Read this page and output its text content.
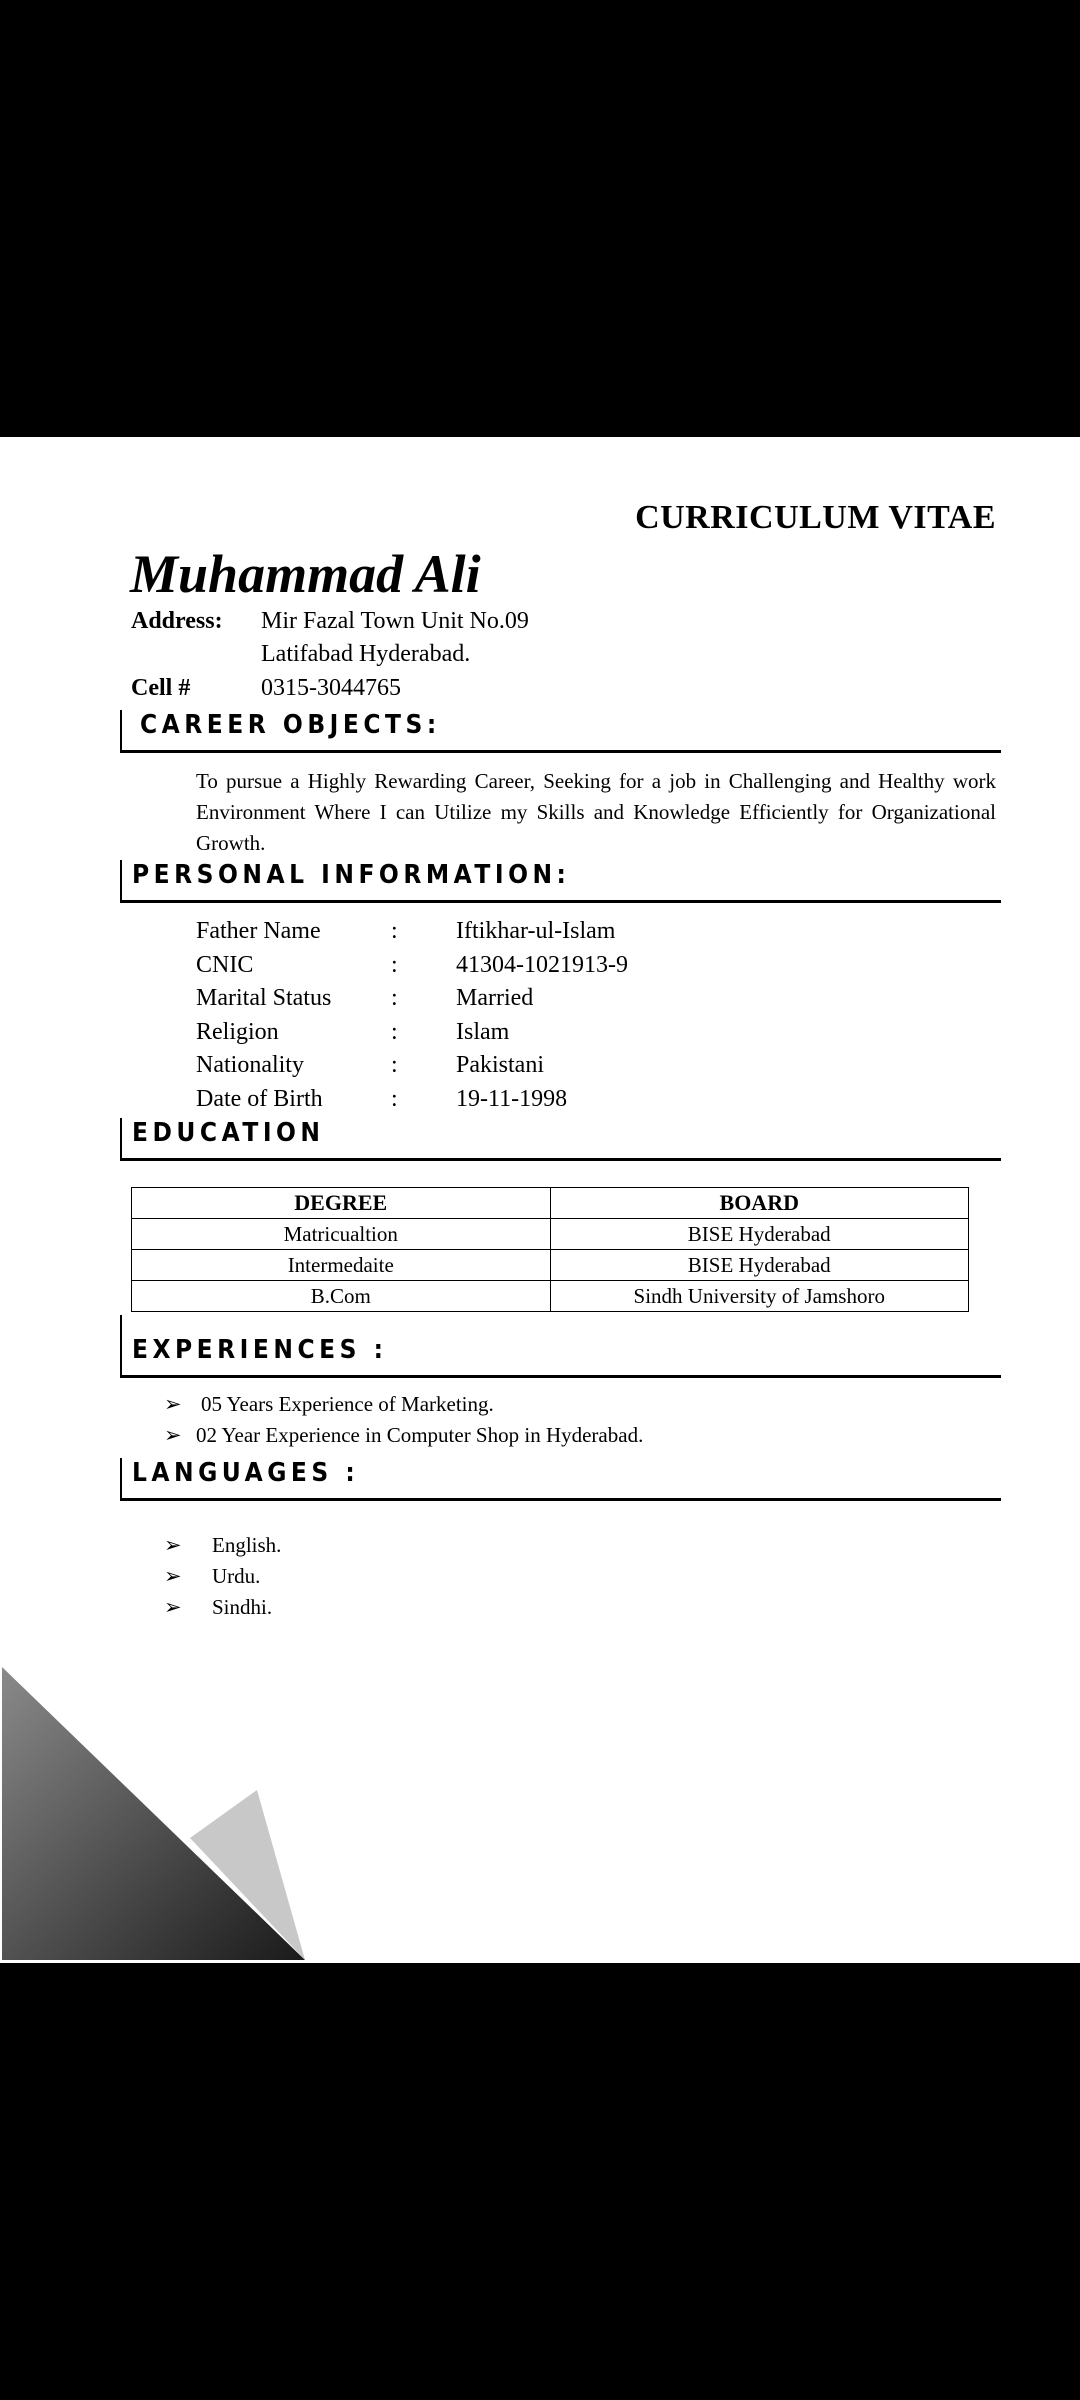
CURRICULUM VITAE
Muhammad Ali
Address: Mir Fazal Town Unit No.09
Latifabad Hyderabad.
Cell #	0315-3044765
CAREER OBJECTS:
To pursue a Highly Rewarding Career, Seeking for a job in Challenging and Healthy work Environment Where I can Utilize my Skills and Knowledge Efficiently for Organizational Growth.
PERSONAL INFORMATION:
Father Name	: Iftikhar-ul-Islam
CNIC	: 41304-1021913-9
Marital Status : Married
Religion	: Islam
Nationality	: Pakistani
Date of Birth	: 19-11-1998
EDUCATION
DEGREE	BOARD
Matricualtion	BISE Hyderabad
Intermedaite	BISE Hyderabad
B.Com	Sindh University of Jamshoro
EXPERIENCES :
➢ 05 Years Experience of Marketing.
➢ 02 Year Experience in Computer Shop in Hyderabad.
LANGUAGES :
➢ English.
➢ Urdu.
➢ Sindhi.
